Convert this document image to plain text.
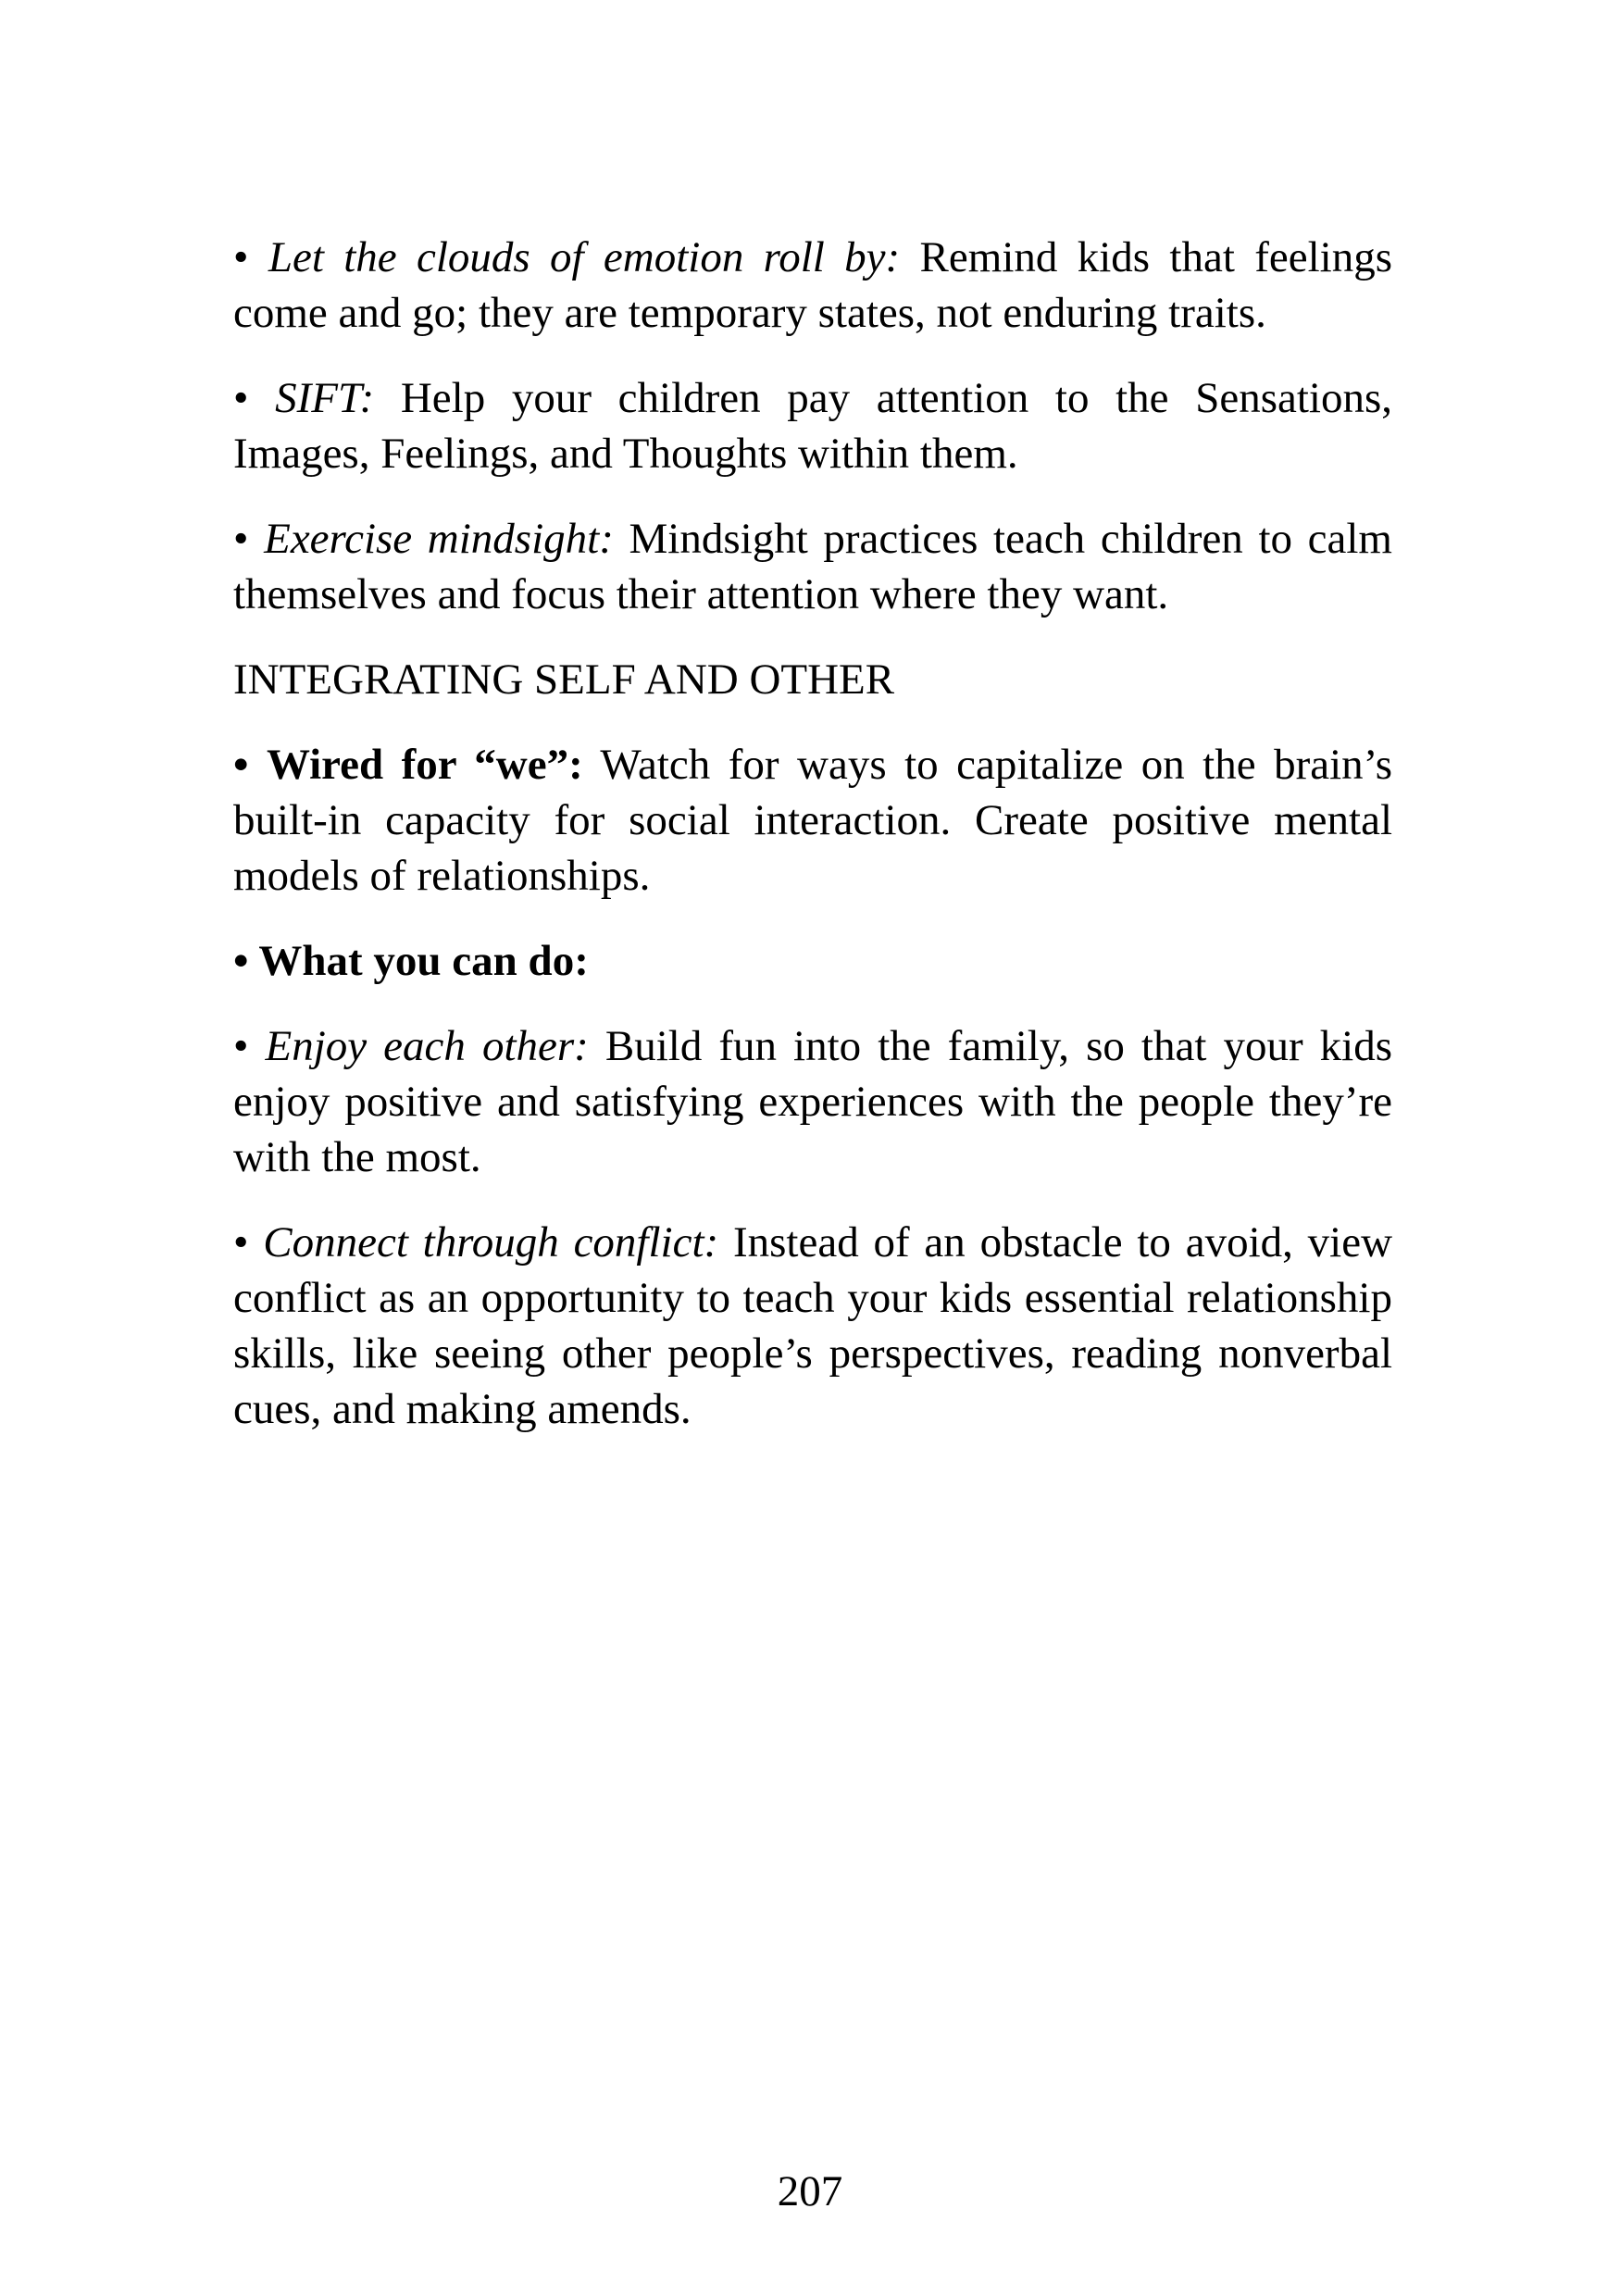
• Let the clouds of emotion roll by: Remind kids that feelings come and go; they are temporary states, not enduring traits.

• SIFT: Help your children pay attention to the Sensations, Images, Feelings, and Thoughts within them.

• Exercise mindsight: Mindsight practices teach children to calm themselves and focus their attention where they want.

INTEGRATING SELF AND OTHER

• Wired for “we”: Watch for ways to capitalize on the brain’s built-in capacity for social interaction. Create positive mental models of relationships.

• What you can do:

• Enjoy each other: Build fun into the family, so that your kids enjoy positive and satisfying experiences with the people they’re with the most.

• Connect through conflict: Instead of an obstacle to avoid, view conflict as an opportunity to teach your kids essential relationship skills, like seeing other people’s perspectives, reading nonverbal cues, and making amends.

207
